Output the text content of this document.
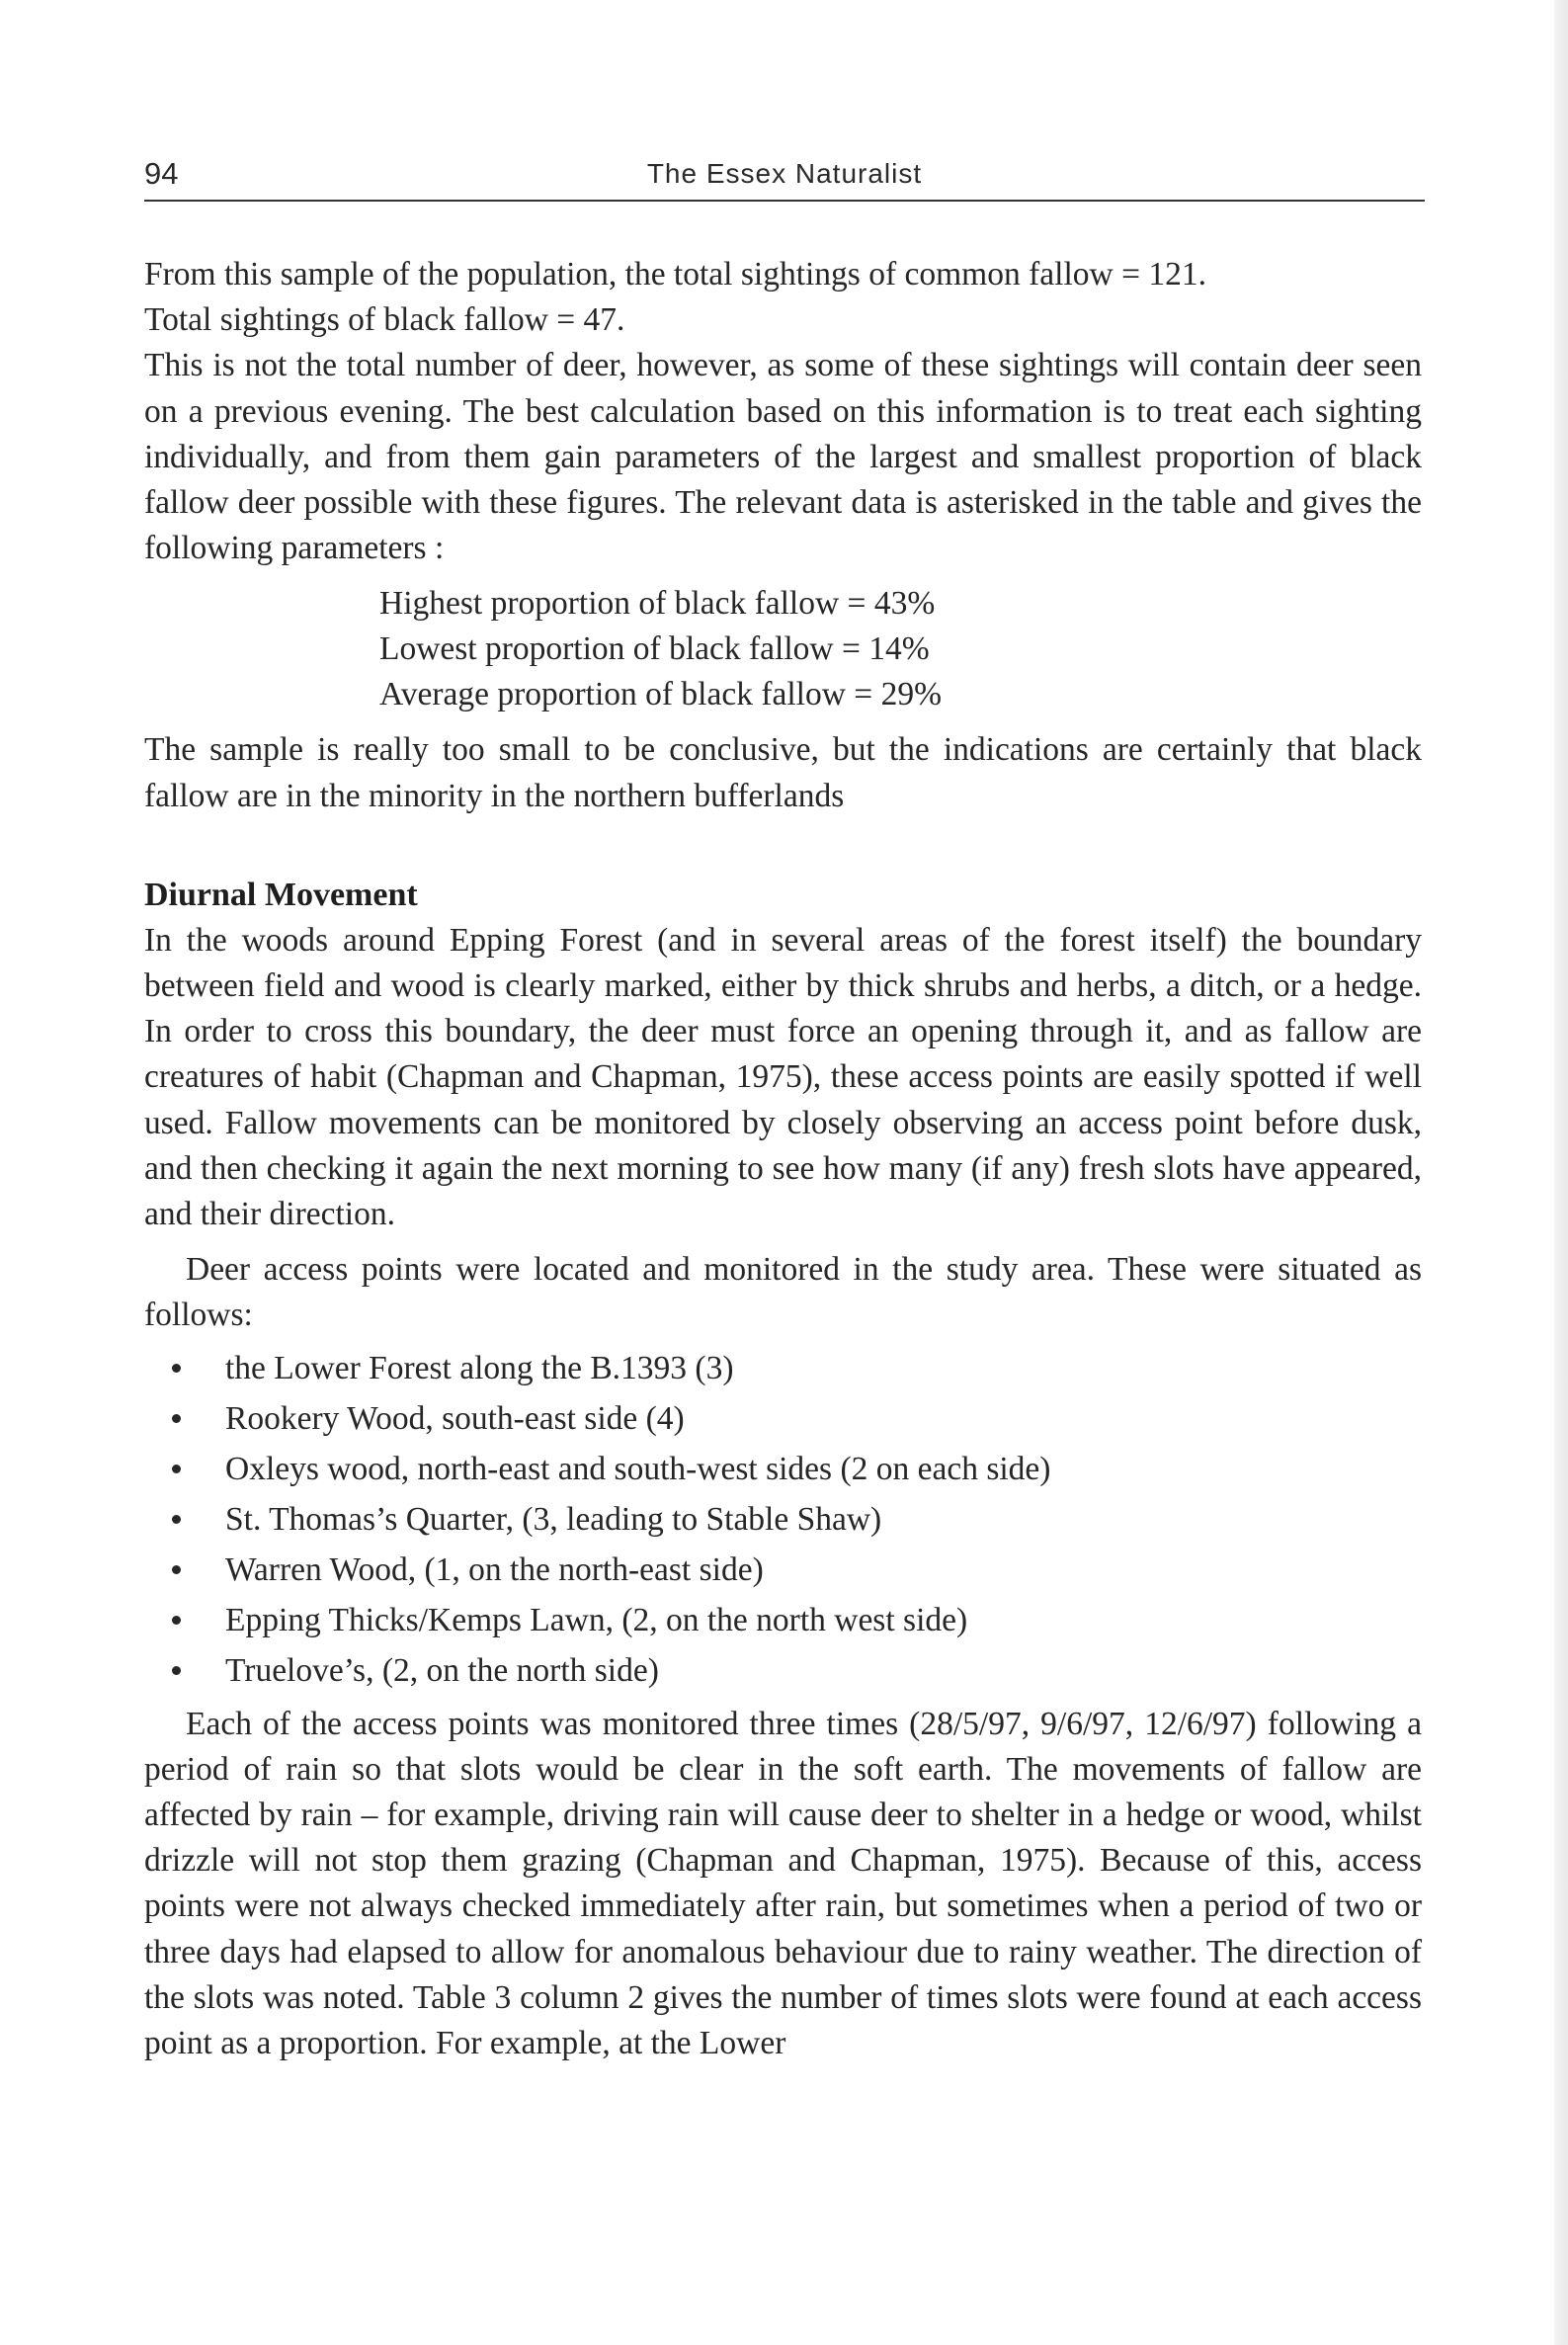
94	The Essex Naturalist

From this sample of the population, the total sightings of common fallow = 121.

Total sightings of black fallow = 47.

This is not the total number of deer, however, as some of these sightings will contain deer seen on a previous evening. The best calculation based on this information is to treat each sighting individually, and from them gain parameters of the largest and smallest proportion of black fallow deer possible with these figures. The relevant data is asterisked in the table and gives the following parameters :

Highest proportion of black fallow = 43%
Lowest proportion of black fallow = 14%
Average proportion of black fallow = 29%

The sample is really too small to be conclusive, but the indications are certainly that black fallow are in the minority in the northern bufferlands

Diurnal Movement

In the woods around Epping Forest (and in several areas of the forest itself) the boundary between field and wood is clearly marked, either by thick shrubs and herbs, a ditch, or a hedge. In order to cross this boundary, the deer must force an opening through it, and as fallow are creatures of habit (Chapman and Chapman, 1975), these access points are easily spotted if well used. Fallow movements can be monitored by closely observing an access point before dusk, and then checking it again the next morning to see how many (if any) fresh slots have appeared, and their direction.

Deer access points were located and monitored in the study area. These were situated as follows:

the Lower Forest along the B.1393 (3)
Rookery Wood, south-east side (4)
Oxleys wood, north-east and south-west sides (2 on each side)
St. Thomas’s Quarter, (3, leading to Stable Shaw)
Warren Wood, (1, on the north-east side)
Epping Thicks/Kemps Lawn, (2, on the north west side)
Truelove’s, (2, on the north side)

Each of the access points was monitored three times (28/5/97, 9/6/97, 12/6/97) following a period of rain so that slots would be clear in the soft earth. The movements of fallow are affected by rain – for example, driving rain will cause deer to shelter in a hedge or wood, whilst drizzle will not stop them grazing (Chapman and Chapman, 1975). Because of this, access points were not always checked immediately after rain, but sometimes when a period of two or three days had elapsed to allow for anomalous behaviour due to rainy weather. The direction of the slots was noted. Table 3 column 2 gives the number of times slots were found at each access point as a proportion. For example, at the Lower
